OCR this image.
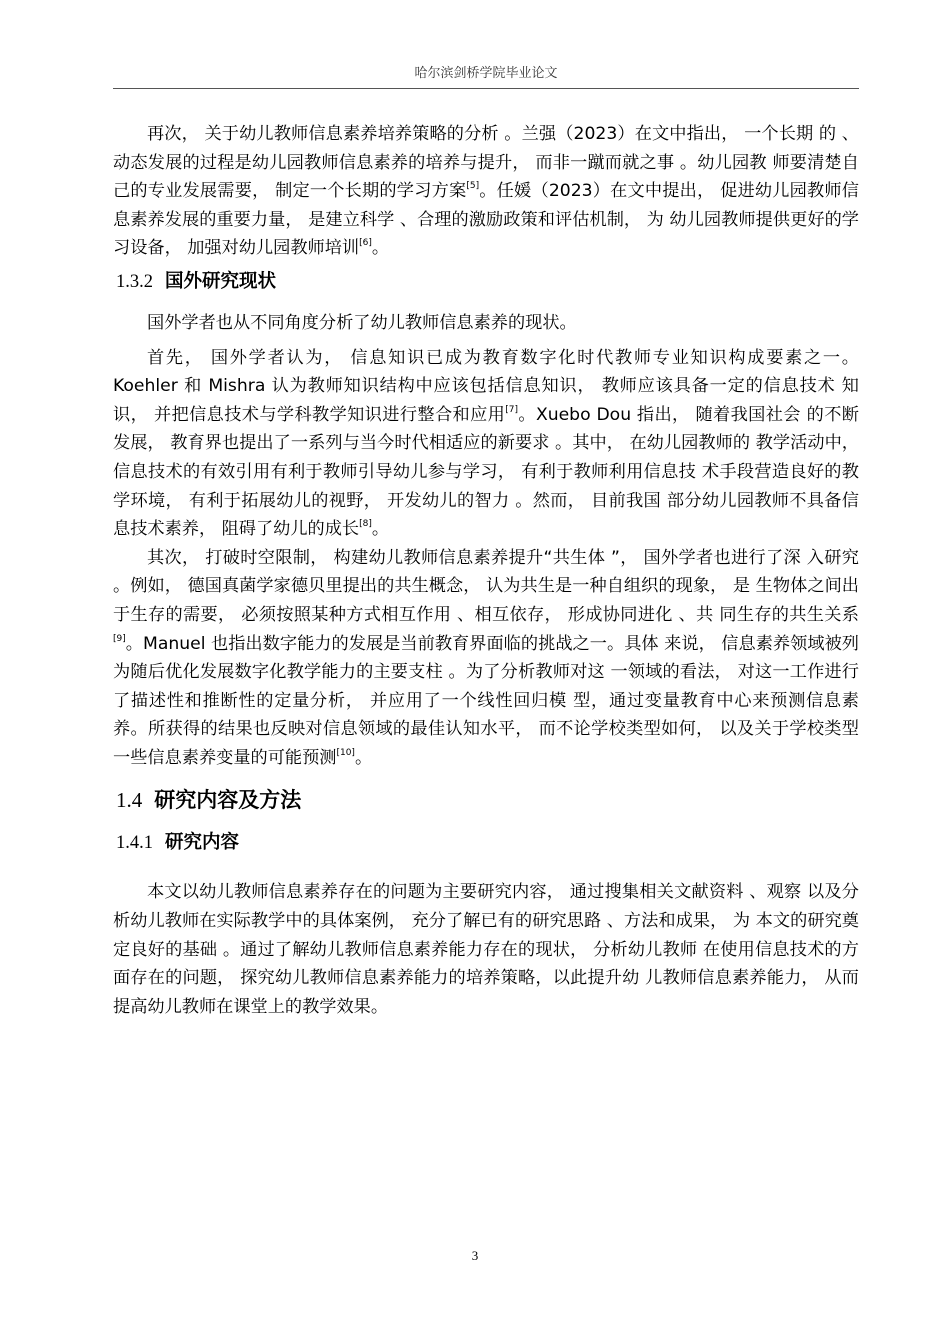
哈尔滨剑桥学院毕业论文

再次， 关于幼儿教师信息素养培养策略的分析 。兰强（2023）在文中指出， 一个长期 的 、动态发展的过程是幼儿园教师信息素养的培养与提升， 而非一蹴而就之事 。幼儿园教 师要清楚自己的专业发展需要， 制定一个长期的学习方案[5]。任媛（2023）在文中提出， 促进幼儿园教师信息素养发展的重要力量， 是建立科学 、合理的激励政策和评估机制， 为 幼儿园教师提供更好的学习设备， 加强对幼儿园教师培训[6]。

1.3.2 国外研究现状

国外学者也从不同角度分析了幼儿教师信息素养的现状。

首先， 国外学者认为， 信息知识已成为教育数字化时代教师专业知识构成要素之一。 Koehler 和 Mishra 认为教师知识结构中应该包括信息知识， 教师应该具备一定的信息技术 知识， 并把信息技术与学科教学知识进行整合和应用[7]。Xuebo Dou 指出， 随着我国社会 的不断发展， 教育界也提出了一系列与当今时代相适应的新要求 。其中， 在幼儿园教师的 教学活动中， 信息技术的有效引用有利于教师引导幼儿参与学习， 有利于教师利用信息技 术手段营造良好的教学环境， 有利于拓展幼儿的视野， 开发幼儿的智力 。然而， 目前我国 部分幼儿园教师不具备信息技术素养， 阻碍了幼儿的成长[8]。

其次， 打破时空限制， 构建幼儿教师信息素养提升“共生体 ”， 国外学者也进行了深 入研究 。例如， 德国真菌学家德贝里提出的共生概念， 认为共生是一种自组织的现象， 是 生物体之间出于生存的需要， 必须按照某种方式相互作用 、相互依存， 形成协同进化 、共 同生存的共生关系[9]。Manuel 也指出数字能力的发展是当前教育界面临的挑战之一。具体 来说， 信息素养领域被列为随后优化发展数字化教学能力的主要支柱 。为了分析教师对这 一领域的看法， 对这一工作进行了描述性和推断性的定量分析， 并应用了一个线性回归模 型，通过变量教育中心来预测信息素养。所获得的结果也反映对信息领域的最佳认知水平， 而不论学校类型如何， 以及关于学校类型一些信息素养变量的可能预测[10]。

1.4 研究内容及方法
1.4.1 研究内容

本文以幼儿教师信息素养存在的问题为主要研究内容， 通过搜集相关文献资料 、观察 以及分析幼儿教师在实际教学中的具体案例， 充分了解已有的研究思路 、方法和成果， 为 本文的研究奠定良好的基础 。通过了解幼儿教师信息素养能力存在的现状， 分析幼儿教师 在使用信息技术的方面存在的问题， 探究幼儿教师信息素养能力的培养策略，以此提升幼 儿教师信息素养能力， 从而提高幼儿教师在课堂上的教学效果。

3
